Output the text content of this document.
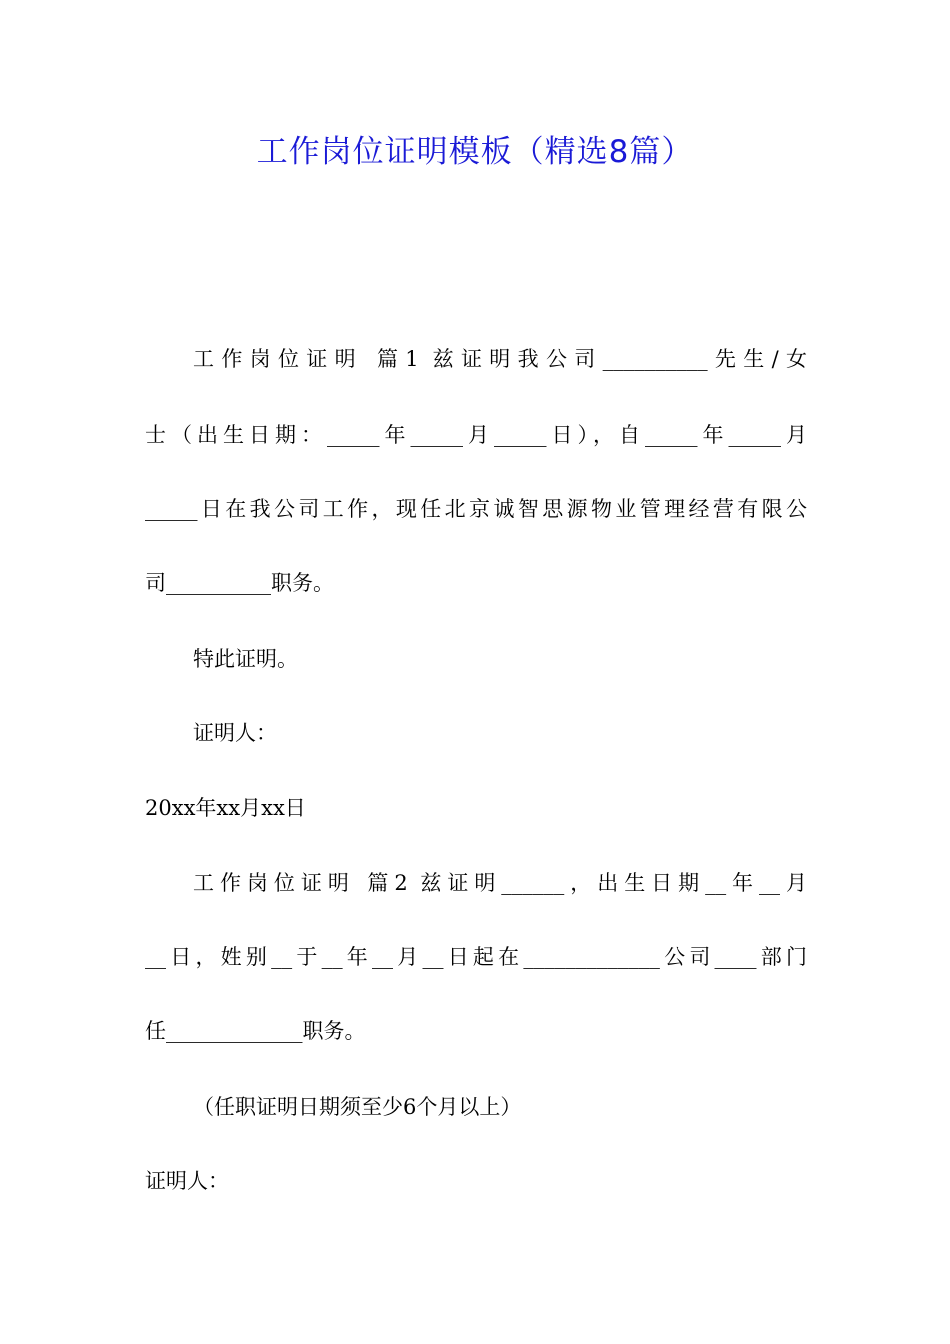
工作岗位证明模板（精选8篇）
工作岗位证明 篇1 兹证明我公司__________先生/女
士（出生日期：_____年_____月_____日），自_____年_____月
_____日在我公司工作，现任北京诚智思源物业管理经营有限公
司__________职务。
特此证明。
证明人：
20xx年xx月xx日
工作岗位证明 篇2 兹证明______，出生日期__年__月
__日，姓别__于__年__月__日起在_____________公司____部门
任_____________职务。
（任职证明日期须至少6个月以上）
证明人：
